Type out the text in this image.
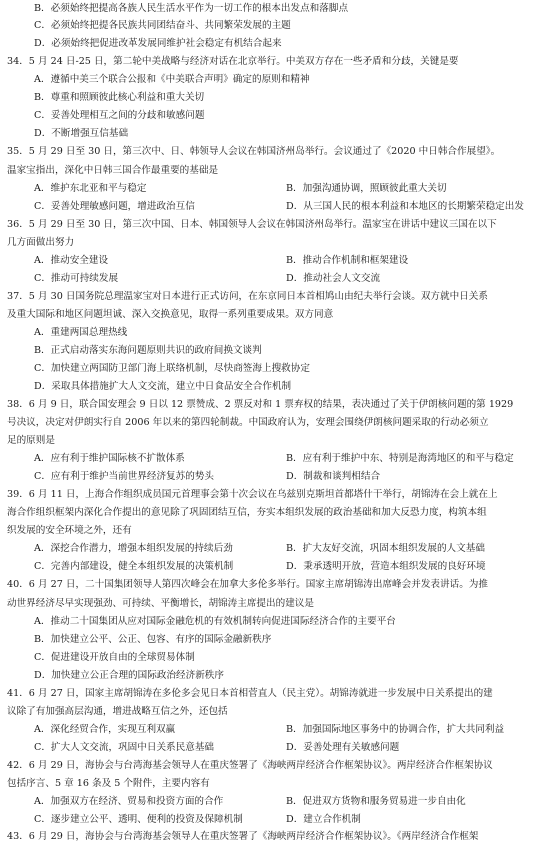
B．必须始终把提高各族人民生活水平作为一切工作的根本出发点和落脚点
C．必须始终把提各民族共同团结奋斗、共同繁荣发展的主题
D．必须始终把促进改革发展同维护社会稳定有机结合起来
34．5 月 24 日-25 日，第二轮中美战略与经济对话在北京举行。中美双方存在一些矛盾和分歧，关键是要
A．遵循中美三个联合公报和《中美联合声明》确定的原则和精神
B．尊重和照顾彼此核心利益和重大关切
C．妥善处理相互之间的分歧和敏感问题
D．不断增强互信基础
35．5 月 29 日至 30 日，第三次中、日、韩领导人会议在韩国济州岛举行。会议通过了《2020 中日韩合作展望》。
温家宝指出，深化中日韩三国合作最重要的基础是
A．维护东北亚和平与稳定	B．加强沟通协调，照顾彼此重大关切
C．妥善处理敏感问题，增进政治互信	D．从三国人民的根本利益和本地区的长期繁荣稳定出发
36．5 月 29 日至 30 日，第三次中国、日本、韩国领导人会议在韩国济州岛举行。温家宝在讲话中建议三国在以下
几方面做出努力
A．推动安全建设	B．推动合作机制和框架建设
C．推动可持续发展	D．推动社会人文交流
37．5 月 30 日国务院总理温家宝对日本进行正式访问，在东京同日本首相鸠山由纪夫举行会谈。双方就中日关系
及重大国际和地区问题坦诚、深入交换意见，取得一系列重要成果。双方同意
A．重建两国总理热线
B．正式启动落实东海问题原则共识的政府间换文谈判
C．加快建立两国防卫部门海上联络机制，尽快商签海上搜救协定
D．采取具体措施扩大人文交流，建立中日食品安全合作机制
38．6 月 9 日，联合国安理会 9 日以 12 票赞成、2 票反对和 1 票弃权的结果，表决通过了关于伊朗核问题的第 1929
号决议，决定对伊朗实行自 2006 年以来的第四轮制裁。中国政府认为，安理会围绕伊朗核问题采取的行动必须立
足的原则是
A．应有利于维护国际核不扩散体系	B．应有利于维护中东、特别是海湾地区的和平与稳定
C．应有利于维护当前世界经济复苏的势头	D．制裁和谈判相结合
39．6 月 11 日，上海合作组织成员国元首理事会第十次会议在乌兹别克斯坦首都塔什干举行，胡锦涛在会上就在上
海合作组织框架内深化合作提出的意见除了巩固团结互信，夯实本组织发展的政治基础和加大反恐力度，构筑本组
织发展的安全环境之外，还有
A．深挖合作潜力，增强本组织发展的持续后劲	B．扩大友好交流，巩固本组织发展的人文基础
C．完善内部建设，健全本组织发展的决策机制	D．秉承透明开放，营造本组织发展的良好环境
40．6 月 27 日，二十国集团领导人第四次峰会在加拿大多伦多举行。国家主席胡锦涛出席峰会并发表讲话。为推
动世界经济尽早实现强劲、可持续、平衡增长，胡锦涛主席提出的建议是
A．推动二十国集团从应对国际金融危机的有效机制转向促进国际经济合作的主要平台
B．加快建立公平、公正、包容、有序的国际金融新秩序
C．促进建设开放自由的全球贸易体制
D．加快建立公正合理的国际政治经济新秩序
41．6 月 27 日，国家主席胡锦涛在多伦多会见日本首相菅直人（民主党）。胡锦涛就进一步发展中日关系提出的建
议除了有加强高层沟通，增进战略互信之外，还包括
A．深化经贸合作，实现互利双赢	B．加强国际地区事务中的协调合作，扩大共同利益
C．扩大人文交流，巩固中日关系民意基础	D．妥善处理有关敏感问题
42．6 月 29 日，海协会与台湾海基会领导人在重庆签署了《海峡两岸经济合作框架协议》。两岸经济合作框架协议
包括序言、5 章 16 条及 5 个附件，主要内容有
A．加强双方在经济、贸易和投资方面的合作	B．促进双方货物和服务贸易进一步自由化
C．逐步建立公平、透明、便利的投资及保障机制	D．建立合作机制
43．6 月 29 日，海协会与台湾海基会领导人在重庆签署了《海峡两岸经济合作框架协议》。《两岸经济合作框架
